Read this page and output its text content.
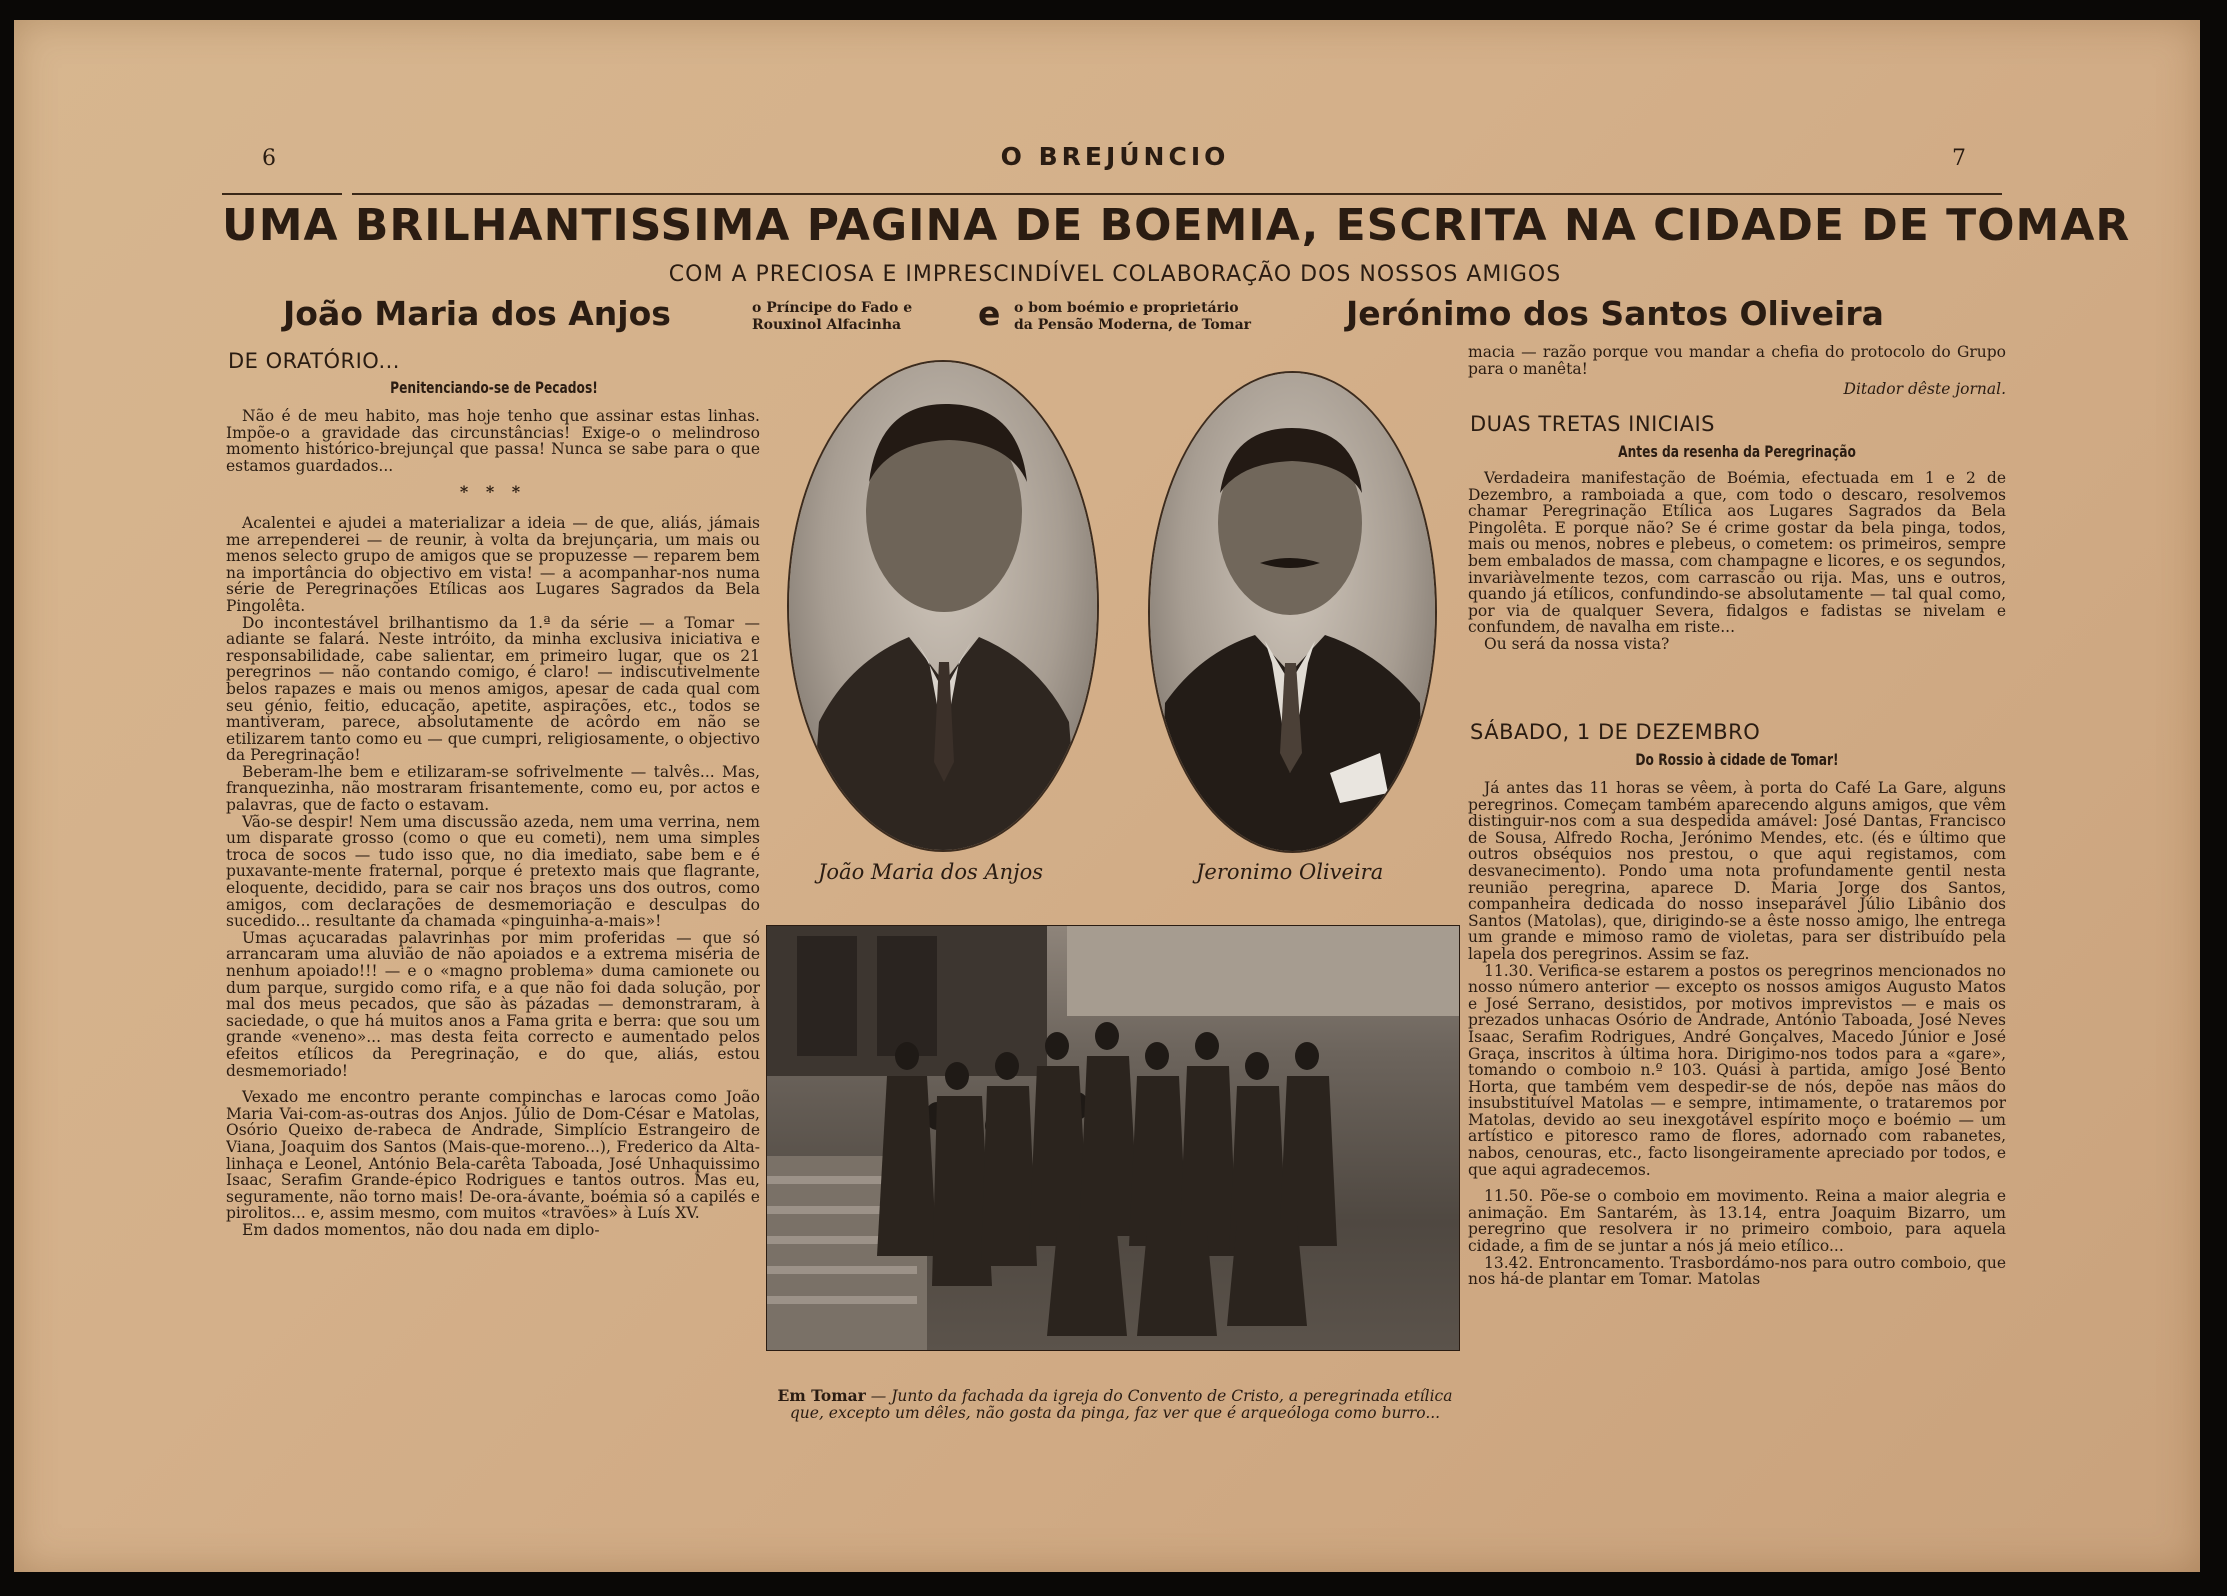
6	O BREJÚNCIO	7
UMA BRILHANTISSIMA PAGINA DE BOEMIA, ESCRITA NA CIDADE DE TOMAR
COM A PRECIOSA E IMPRESCINDÍVEL COLABORAÇÃO DOS NOSSOS AMIGOS
João Maria dos Anjos	o Príncipe do Fado e
Rouxinol Alfacinha	e o bom boémio e proprietário
da Pensão Moderna, de Tomar	Jerónimo dos Santos Oliveira
DE ORATÓRIO...
Penitenciando-se de Pecados!

Não é de meu habito, mas hoje tenho que assinar estas linhas. Impõe-o a gravidade das circunstâncias! Exige-o o melindroso momento histórico-brejunçal que passa! Nunca se sabe para o que estamos guardados...

* * *

Acalentei e ajudei a materializar a ideia — de que, aliás, jámais me arrependerei — de reunir, à volta da brejunçaria, um mais ou menos selecto grupo de amigos que se propuzesse — reparem bem na importância do objectivo em vista! — a acompanhar-nos numa série de Peregrinações Etílicas aos Lugares Sagrados da Bela Pingolêta.

Do incontestável brilhantismo da 1.ª da série — a Tomar — adiante se falará. Neste intróito, da minha exclusiva iniciativa e responsabilidade, cabe salientar, em primeiro lugar, que os 21 peregrinos — não contando comigo, é claro! — indiscutivelmente belos rapazes e mais ou menos amigos, apesar de cada qual com seu génio, feitio, educação, apetite, aspirações, etc., todos se mantiveram, parece, absolutamente de acôrdo em não se etilizarem tanto como eu — que cumpri, religiosamente, o objectivo da Peregrinação!

Beberam-lhe bem e etilizaram-se sofrivelmente — talvês... Mas, franquezinha, não mostraram frisantemente, como eu, por actos e palavras, que de facto o estavam.

Vão-se despir! Nem uma discussão azeda, nem uma verrina, nem um disparate grosso (como o que eu cometi), nem uma simples troca de socos — tudo isso que, no dia imediato, sabe bem e é puxavante-mente fraternal, porque é pretexto mais que flagrante, eloquente, decidido, para se cair nos braços uns dos outros, como amigos, com declarações de desmemoriação e desculpas do sucedido... resultante da chamada «pinguinha-a-mais»!

Umas açucaradas palavrinhas por mim proferidas — que só arrancaram uma aluvião de não apoiados e a extrema miséria de nenhum apoiado!!! — e o «magno problema» duma camionete ou dum parque, surgido como rifa, e a que não foi dada solução, por mal dos meus pecados, que são às pázadas — demonstraram, à saciedade, o que há muitos anos a Fama grita e berra: que sou um grande «veneno»... mas desta feita correcto e aumentado pelos efeitos etílicos da Peregrinação, e do que, aliás, estou desmemoriado!

Vexado me encontro perante compinchas e larocas como João Maria Vai-com-as-outras dos Anjos. Júlio de Dom-César e Matolas, Osório Queixo de-rabeca de Andrade, Simplício Estrangeiro de Viana, Joaquim dos Santos (Mais-que-moreno...), Frederico da Alta-linhaça e Leonel, António Bela-carêta Taboada, José Unhaquissimo Isaac, Serafim Grande-épico Rodrigues e tantos outros. Mas eu, seguramente, não torno mais! De-ora-ávante, boémia só a capilés e pirolitos... e, assim mesmo, com muitos «travões» à Luís XV.

Em dados momentos, não dou nada em diplo-

João Maria dos Anjos	Jeronimo Oliveira
Em Tomar — Junto da fachada da igreja do Convento de Cristo, a peregrinada etílica que, excepto um dêles, não gosta da pinga, faz ver que é arqueóloga como burro...

macia — razão porque vou mandar a chefia do protocolo do Grupo para o manêta!

Ditador dêste jornal.
DUAS TRETAS INICIAIS
Antes da resenha da Peregrinação

Verdadeira manifestação de Boémia, efectuada em 1 e 2 de Dezembro, a ramboiada a que, com todo o descaro, resolvemos chamar Peregrinação Etílica aos Lugares Sagrados da Bela Pingolêta. E porque não? Se é crime gostar da bela pinga, todos, mais ou menos, nobres e plebeus, o cometem: os primeiros, sempre bem embalados de massa, com champagne e licores, e os segundos, invariàvelmente tezos, com carrascão ou rija. Mas, uns e outros, quando já etílicos, confundindo-se absolutamente — tal qual como, por via de qualquer Severa, fidalgos e fadistas se nivelam e confundem, de navalha em riste...

Ou será da nossa vista?

SÁBADO, 1 DE DEZEMBRO
Do Rossio à cidade de Tomar!

Já antes das 11 horas se vêem, à porta do Café La Gare, alguns peregrinos. Começam também aparecendo alguns amigos, que vêm distinguir-nos com a sua despedida amável: José Dantas, Francisco de Sousa, Alfredo Rocha, Jerónimo Mendes, etc. (és e último que outros obséquios nos prestou, o que aqui registamos, com desvanecimento). Pondo uma nota profundamente gentil nesta reunião peregrina, aparece D. Maria Jorge dos Santos, companheira dedicada do nosso inseparável Júlio Libânio dos Santos (Matolas), que, dirigindo-se a êste nosso amigo, lhe entrega um grande e mimoso ramo de violetas, para ser distribuído pela lapela dos peregrinos. Assim se faz.

11.30. Verifica-se estarem a postos os peregrinos mencionados no nosso número anterior — excepto os nossos amigos Augusto Matos e José Serrano, desistidos, por motivos imprevistos — e mais os prezados unhacas Osório de Andrade, António Taboada, José Neves Isaac, Serafim Rodrigues, André Gonçalves, Macedo Júnior e José Graça, inscritos à última hora. Dirigimo-nos todos para a «gare», tomando o comboio n.º 103. Quási à partida, amigo José Bento Horta, que também vem despedir-se de nós, depõe nas mãos do insubstituível Matolas — e sempre, intimamente, o trataremos por Matolas, devido ao seu inexgotável espírito moço e boémio — um artístico e pitoresco ramo de flores, adornado com rabanetes, nabos, cenouras, etc., facto lisongeiramente apreciado por todos, e que aqui agradecemos.

11.50. Põe-se o comboio em movimento. Reina a maior alegria e animação. Em Santarém, às 13.14, entra Joaquim Bizarro, um peregrino que resolvera ir no primeiro comboio, para aquela cidade, a fim de se juntar a nós já meio etílico...

13.42. Entroncamento. Trasbordámo-nos para outro comboio, que nos há-de plantar em Tomar. Matolas
